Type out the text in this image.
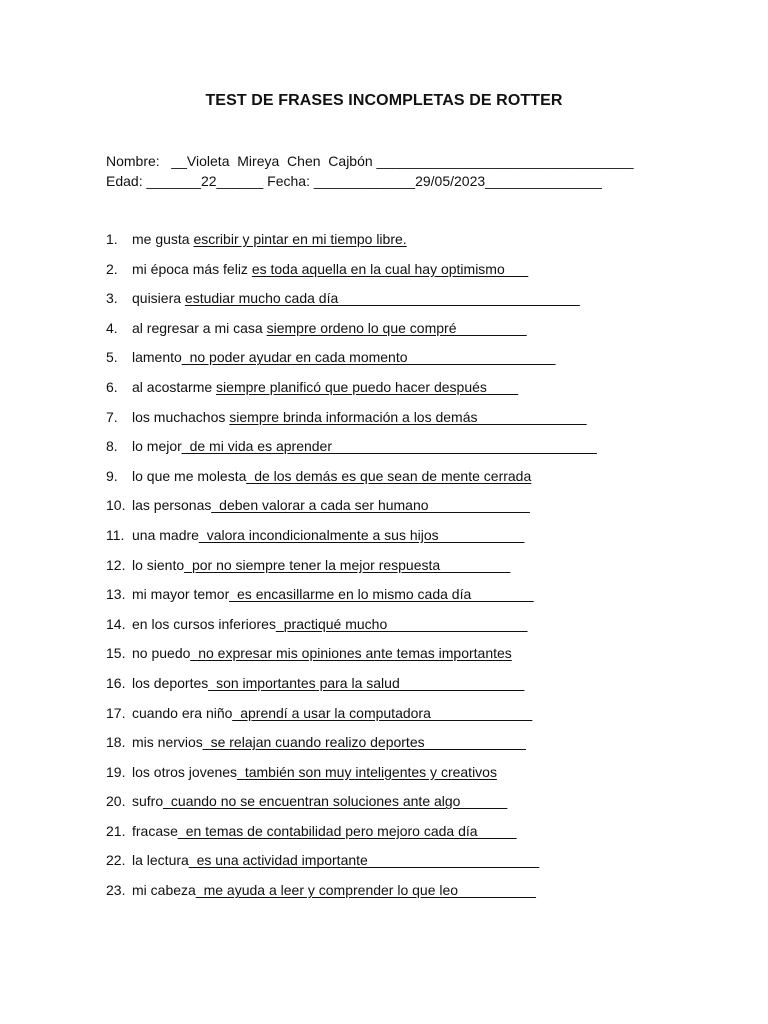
TEST DE FRASES INCOMPLETAS DE ROTTER
Nombre:   __Violeta  Mireya  Chen  Cajbón _________________________________
Edad: _______22______ Fecha: _____________29/05/2023_______________
1.	me gusta escribir y pintar en mi tiempo libre.
2.	mi época más feliz es toda aquella en la cual hay optimismo___
3.	quisiera estudiar mucho cada día_______________________________
4.	al regresar a mi casa siempre ordeno lo que compré_________
5.	lamento _no poder ayudar en cada momento___________________
6.	al acostarme siempre planificó que puedo hacer después____
7.	los muchachos siempre brinda información a los demás______________
8.	lo mejor _de mi vida es aprender__________________________________
9.	lo que me molesta _de los demás es que sean de mente cerrada
10. las personas _deben valorar a cada ser humano_____________
11. una madre _valora incondicionalmente a sus hijos___________
12. lo siento _por no siempre tener la mejor respuesta_________
13. mi mayor temor _es encasillarme en lo mismo cada día________
14. en los cursos inferiores _practiqué mucho__________________
15. no puedo _no expresar mis opiniones ante temas importantes
16. los deportes _son importantes para la salud________________
17. cuando era niño _aprendí a usar la computadora_____________
18. mis nervios _se relajan cuando realizo deportes_____________
19. los otros jovenes _también son muy inteligentes y creativos
20. sufro _cuando no se encuentran soluciones ante algo______
21. fracase _en temas de contabilidad pero mejoro cada día_____
22. la lectura _es una actividad importante______________________
23. mi cabeza _me ayuda a leer y comprender lo que leo__________
